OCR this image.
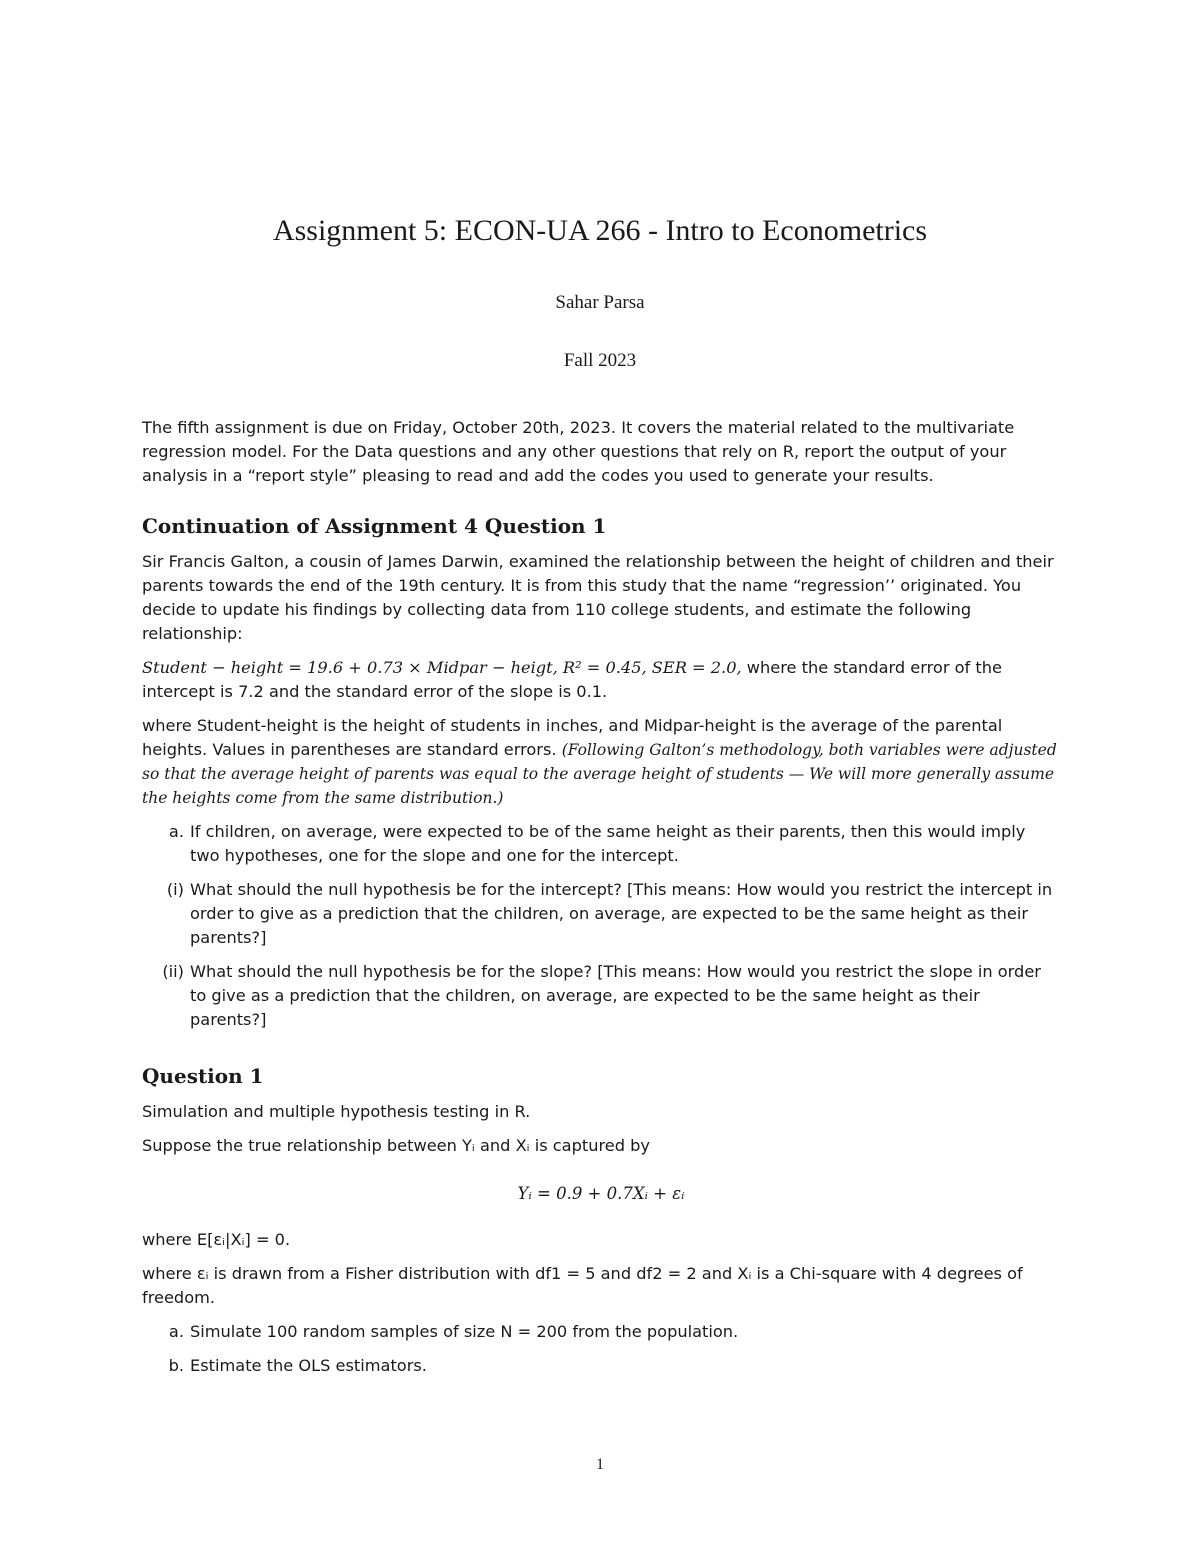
Assignment 5: ECON-UA 266 - Intro to Econometrics
Sahar Parsa
Fall 2023

The fifth assignment is due on Friday, October 20th, 2023. It covers the material related to the multivariate regression model. For the Data questions and any other questions that rely on R, report the output of your analysis in a “report style” pleasing to read and add the codes you used to generate your results.

Continuation of Assignment 4 Question 1

Sir Francis Galton, a cousin of James Darwin, examined the relationship between the height of children and their parents towards the end of the 19th century. It is from this study that the name “regression’’ originated. You decide to update his findings by collecting data from 110 college students, and estimate the following relationship:

Student − height = 19.6 + 0.73 × Midpar − heigt, R² = 0.45, SER = 2.0, where the standard error of the intercept is 7.2 and the standard error of the slope is 0.1.

where Student-height is the height of students in inches, and Midpar-height is the average of the parental heights. Values in parentheses are standard errors. (Following Galton’s methodology, both variables were adjusted so that the average height of parents was equal to the average height of students — We will more generally assume the heights come from the same distribution.)

a. If children, on average, were expected to be of the same height as their parents, then this would imply two hypotheses, one for the slope and one for the intercept.
(i) What should the null hypothesis be for the intercept? [This means: How would you restrict the intercept in order to give as a prediction that the children, on average, are expected to be the same height as their parents?]
(ii) What should the null hypothesis be for the slope? [This means: How would you restrict the slope in order to give as a prediction that the children, on average, are expected to be the same height as their parents?]
Question 1

Simulation and multiple hypothesis testing in R.

Suppose the true relationship between Yᵢ and Xᵢ is captured by

Yᵢ = 0.9 + 0.7Xᵢ + εᵢ

where E[εᵢ|Xᵢ] = 0.

where εᵢ is drawn from a Fisher distribution with df1 = 5 and df2 = 2 and Xᵢ is a Chi-square with 4 degrees of freedom.

a. Simulate 100 random samples of size N = 200 from the population.
b. Estimate the OLS estimators.
1
